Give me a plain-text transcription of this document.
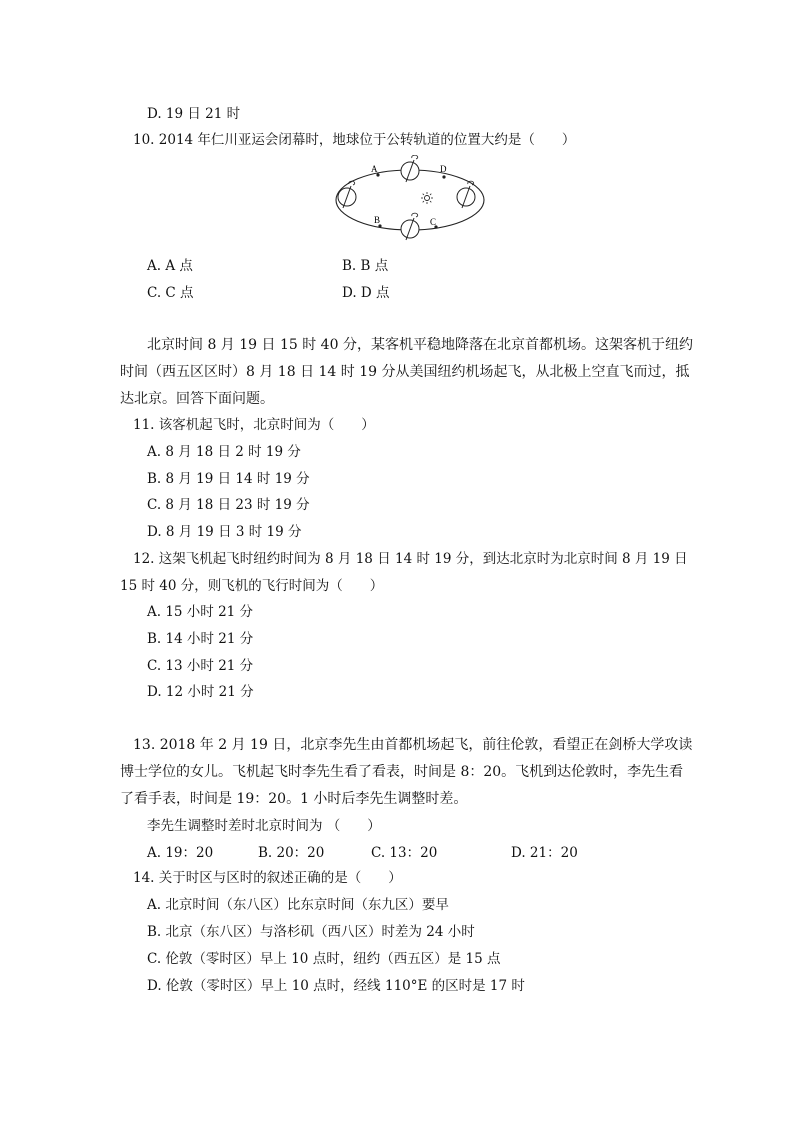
D. 19 日 21 时
10. 2014 年仁川亚运会闭幕时，地球位于公转轨道的位置大约是（　　）
A	D
B	C
A. A 点	B. B 点
C. C 点	D. D 点
北京时间 8 月 19 日 15 时 40 分，某客机平稳地降落在北京首都机场。这架客机于纽约
时间（西五区区时）8 月 18 日 14 时 19 分从美国纽约机场起飞，从北极上空直飞而过，抵
达北京。回答下面问题。
11. 该客机起飞时，北京时间为（　　）
A. 8 月 18 日 2 时 19 分
B. 8 月 19 日 14 时 19 分
C. 8 月 18 日 23 时 19 分
D. 8 月 19 日 3 时 19 分
12. 这架飞机起飞时纽约时间为 8 月 18 日 14 时 19 分，到达北京时为北京时间 8 月 19 日
15 时 40 分，则飞机的飞行时间为（　　）
A. 15 小时 21 分
B. 14 小时 21 分
C. 13 小时 21 分
D. 12 小时 21 分
13. 2018 年 2 月 19 日，北京李先生由首都机场起飞，前往伦敦，看望正在剑桥大学攻读
博士学位的女儿。飞机起飞时李先生看了看表，时间是 8：20。飞机到达伦敦时，李先生看
了看手表，时间是 19：20。1 小时后李先生调整时差。
李先生调整时差时北京时间为 （　　）
A. 19：20	B. 20：20	C. 13：20	D. 21：20
14. 关于时区与区时的叙述正确的是（　　）
A. 北京时间（东八区）比东京时间（东九区）要早
B. 北京（东八区）与洛杉矶（西八区）时差为 24 小时
C. 伦敦（零时区）早上 10 点时，纽约（西五区）是 15 点
D. 伦敦（零时区）早上 10 点时，经线 110°E 的区时是 17 时
